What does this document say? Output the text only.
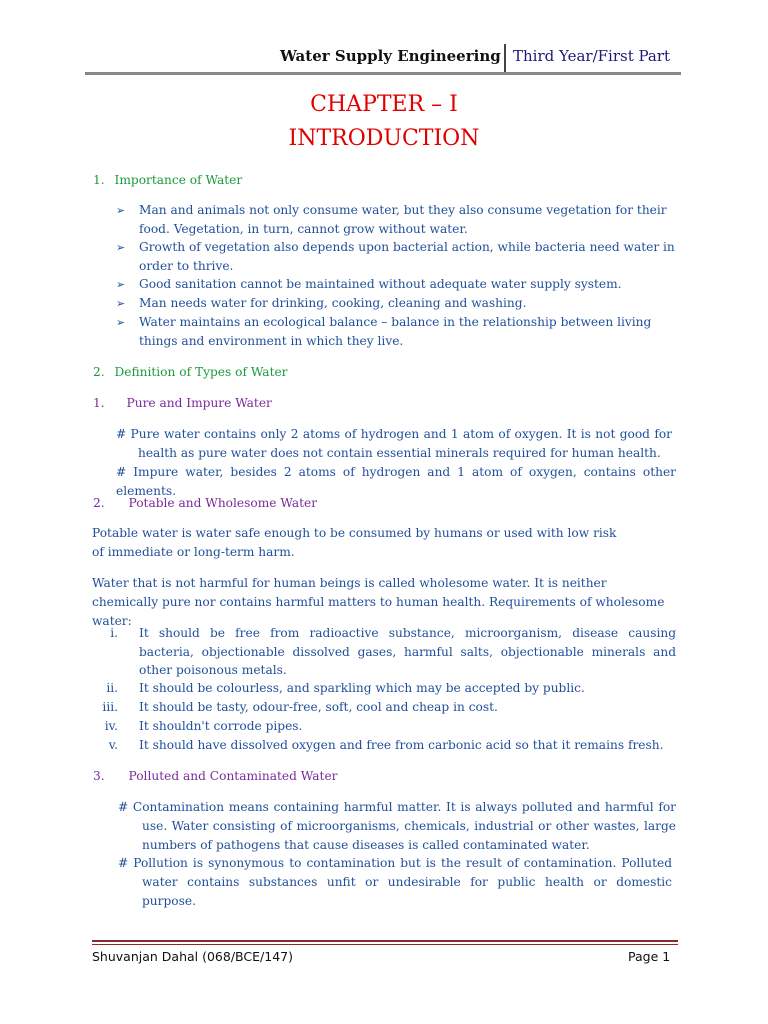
Water Supply Engineering Third Year/First Part
CHAPTER – I
INTRODUCTION
1. Importance of Water
➢ Man and animals not only consume water, but they also consume vegetation for their food. Vegetation, in turn, cannot grow without water.
➢ Growth of vegetation also depends upon bacterial action, while bacteria need water in order to thrive.
➢ Good sanitation cannot be maintained without adequate water supply system.
➢ Man needs water for drinking, cooking, cleaning and washing.
➢ Water maintains an ecological balance – balance in the relationship between living things and environment in which they live.
2. Definition of Types of Water
1. Pure and Impure Water
# Pure water contains only 2 atoms of hydrogen and 1 atom of oxygen. It is not good for health as pure water does not contain essential minerals required for human health.
# Impure water, besides 2 atoms of hydrogen and 1 atom of oxygen, contains other elements.
2. Potable and Wholesome Water
Potable water is water safe enough to be consumed by humans or used with low risk of immediate or long-term harm.
Water that is not harmful for human beings is called wholesome water. It is neither chemically pure nor contains harmful matters to human health. Requirements of wholesome water:
i. It should be free from radioactive substance, microorganism, disease causing bacteria, objectionable dissolved gases, harmful salts, objectionable minerals and other poisonous metals.
ii. It should be colourless, and sparkling which may be accepted by public.
iii. It should be tasty, odour-free, soft, cool and cheap in cost.
iv. It shouldn't corrode pipes.
v. It should have dissolved oxygen and free from carbonic acid so that it remains fresh.
3. Polluted and Contaminated Water
# Contamination means containing harmful matter. It is always polluted and harmful for use. Water consisting of microorganisms, chemicals, industrial or other wastes, large numbers of pathogens that cause diseases is called contaminated water.
# Pollution is synonymous to contamination but is the result of contamination. Polluted water contains substances unfit or undesirable for public health or domestic purpose.
Shuvanjan Dahal (068/BCE/147)	Page 1
